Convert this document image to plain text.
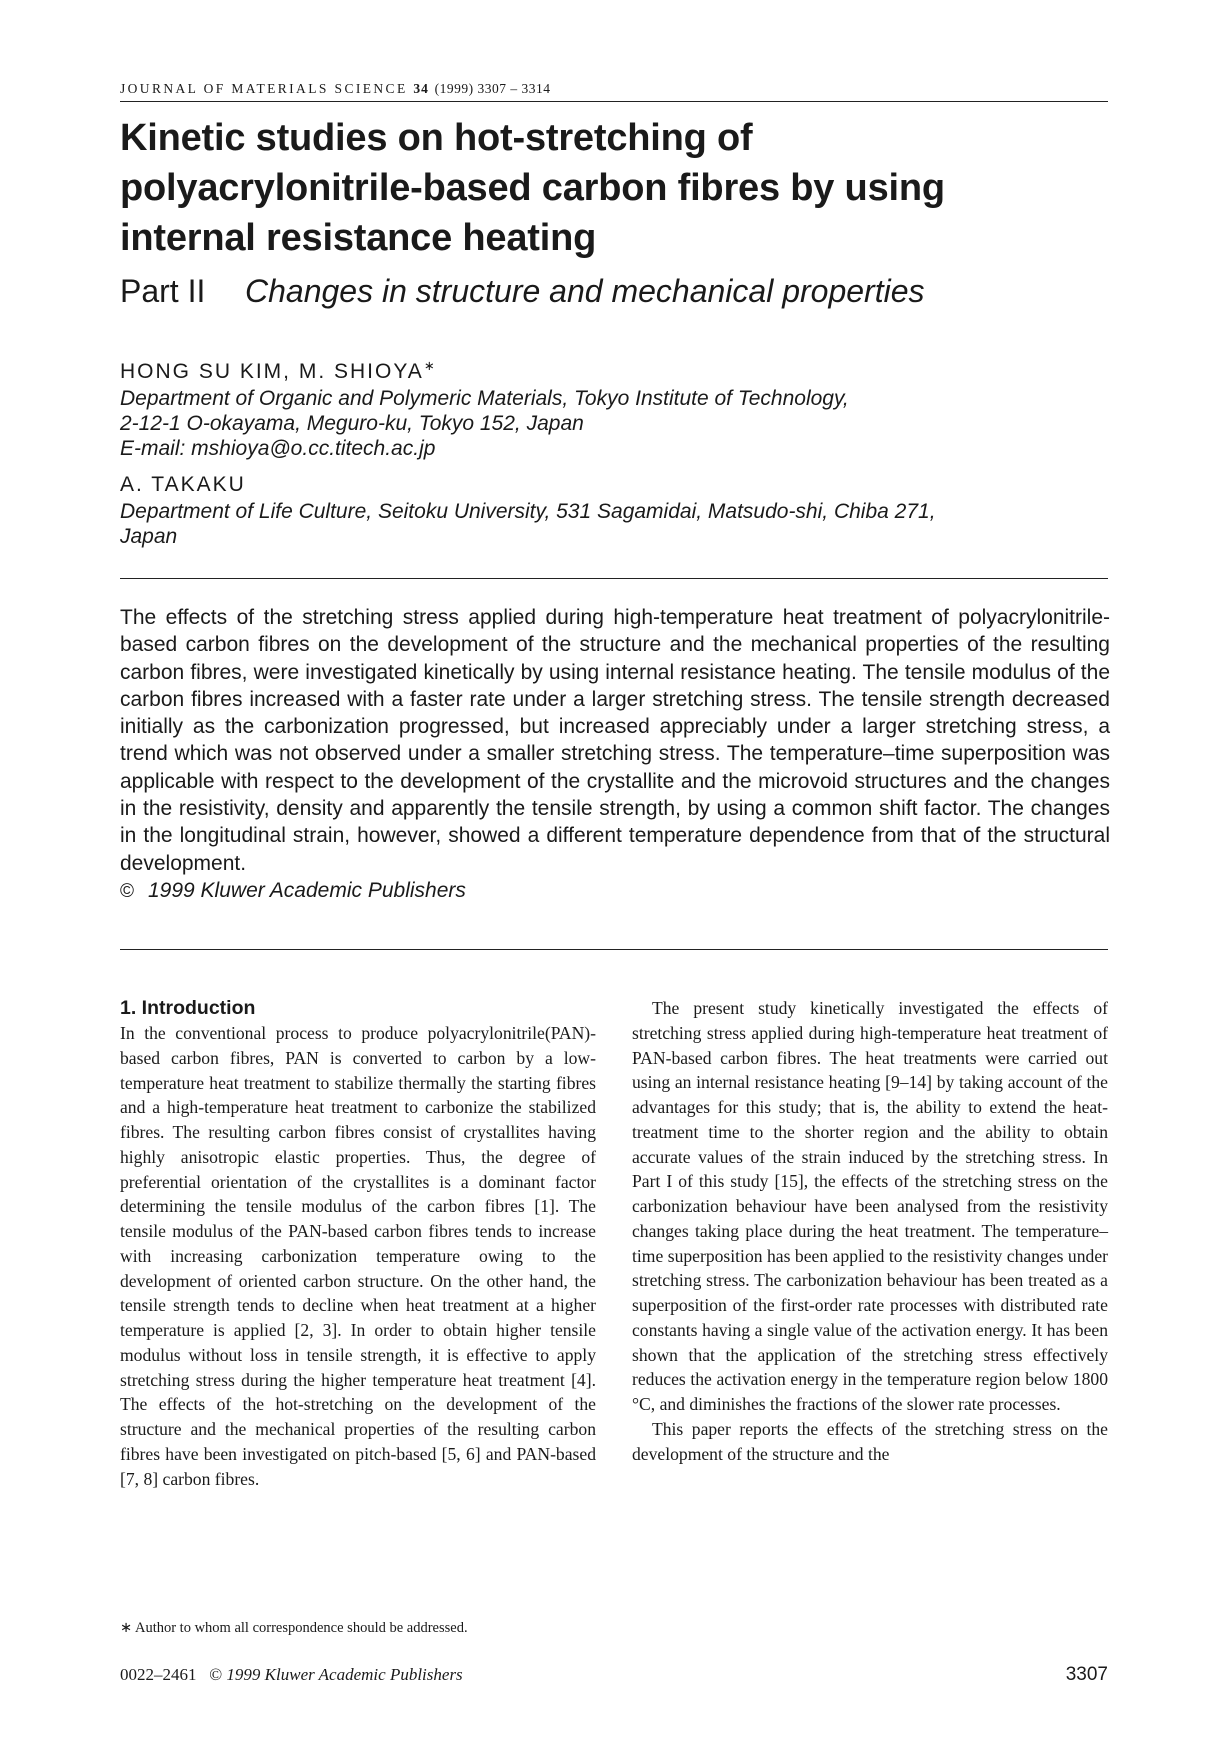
JOURNAL OF MATERIALS SCIENCE 34 (1999) 3307 – 3314
Kinetic studies on hot-stretching of
polyacrylonitrile-based carbon fibres by using
internal resistance heating
Part II Changes in structure and mechanical properties
HONG SU KIM, M. SHIOYA∗
Department of Organic and Polymeric Materials, Tokyo Institute of Technology,
2-12-1 O-okayama, Meguro-ku, Tokyo 152, Japan
E-mail: mshioya@o.cc.titech.ac.jp
A. TAKAKU
Department of Life Culture, Seitoku University, 531 Sagamidai, Matsudo-shi, Chiba 271,
Japan
The effects of the stretching stress applied during high-temperature heat treatment of polyacrylonitrile-based carbon fibres on the development of the structure and the mechanical properties of the resulting carbon fibres, were investigated kinetically by using internal resistance heating. The tensile modulus of the carbon fibres increased with a faster rate under a larger stretching stress. The tensile strength decreased initially as the carbonization progressed, but increased appreciably under a larger stretching stress, a trend which was not observed under a smaller stretching stress. The temperature–time superposition was applicable with respect to the development of the crystallite and the microvoid structures and the changes in the resistivity, density and apparently the tensile strength, by using a common shift factor. The changes in the longitudinal strain, however, showed a different temperature dependence from that of the structural development.
© 1999 Kluwer Academic Publishers
1. Introduction

In the conventional process to produce polyacrylonitrile(PAN)-based carbon fibres, PAN is converted to carbon by a low-temperature heat treatment to stabilize thermally the starting fibres and a high-temperature heat treatment to carbonize the stabilized fibres. The resulting carbon fibres consist of crystallites having highly anisotropic elastic properties. Thus, the degree of preferential orientation of the crystallites is a dominant factor determining the tensile modulus of the carbon fibres [1]. The tensile modulus of the PAN-based carbon fibres tends to increase with increasing carbonization temperature owing to the development of oriented carbon structure. On the other hand, the tensile strength tends to decline when heat treatment at a higher temperature is applied [2, 3]. In order to obtain higher tensile modulus without loss in tensile strength, it is effective to apply stretching stress during the higher temperature heat treatment [4]. The effects of the hot-stretching on the development of the structure and the mechanical properties of the resulting carbon fibres have been investigated on pitch-based [5, 6] and PAN-based [7, 8] carbon fibres.

The present study kinetically investigated the effects of stretching stress applied during high-temperature heat treatment of PAN-based carbon fibres. The heat treatments were carried out using an internal resistance heating [9–14] by taking account of the advantages for this study; that is, the ability to extend the heat-treatment time to the shorter region and the ability to obtain accurate values of the strain induced by the stretching stress. In Part I of this study [15], the effects of the stretching stress on the carbonization behaviour have been analysed from the resistivity changes taking place during the heat treatment. The temperature–time superposition has been applied to the resistivity changes under stretching stress. The carbonization behaviour has been treated as a superposition of the first-order rate processes with distributed rate constants having a single value of the activation energy. It has been shown that the application of the stretching stress effectively reduces the activation energy in the temperature region below 1800 °C, and diminishes the fractions of the slower rate processes.

This paper reports the effects of the stretching stress on the development of the structure and the

∗ Author to whom all correspondence should be addressed.
0022–2461 © 1999 Kluwer Academic Publishers	3307
